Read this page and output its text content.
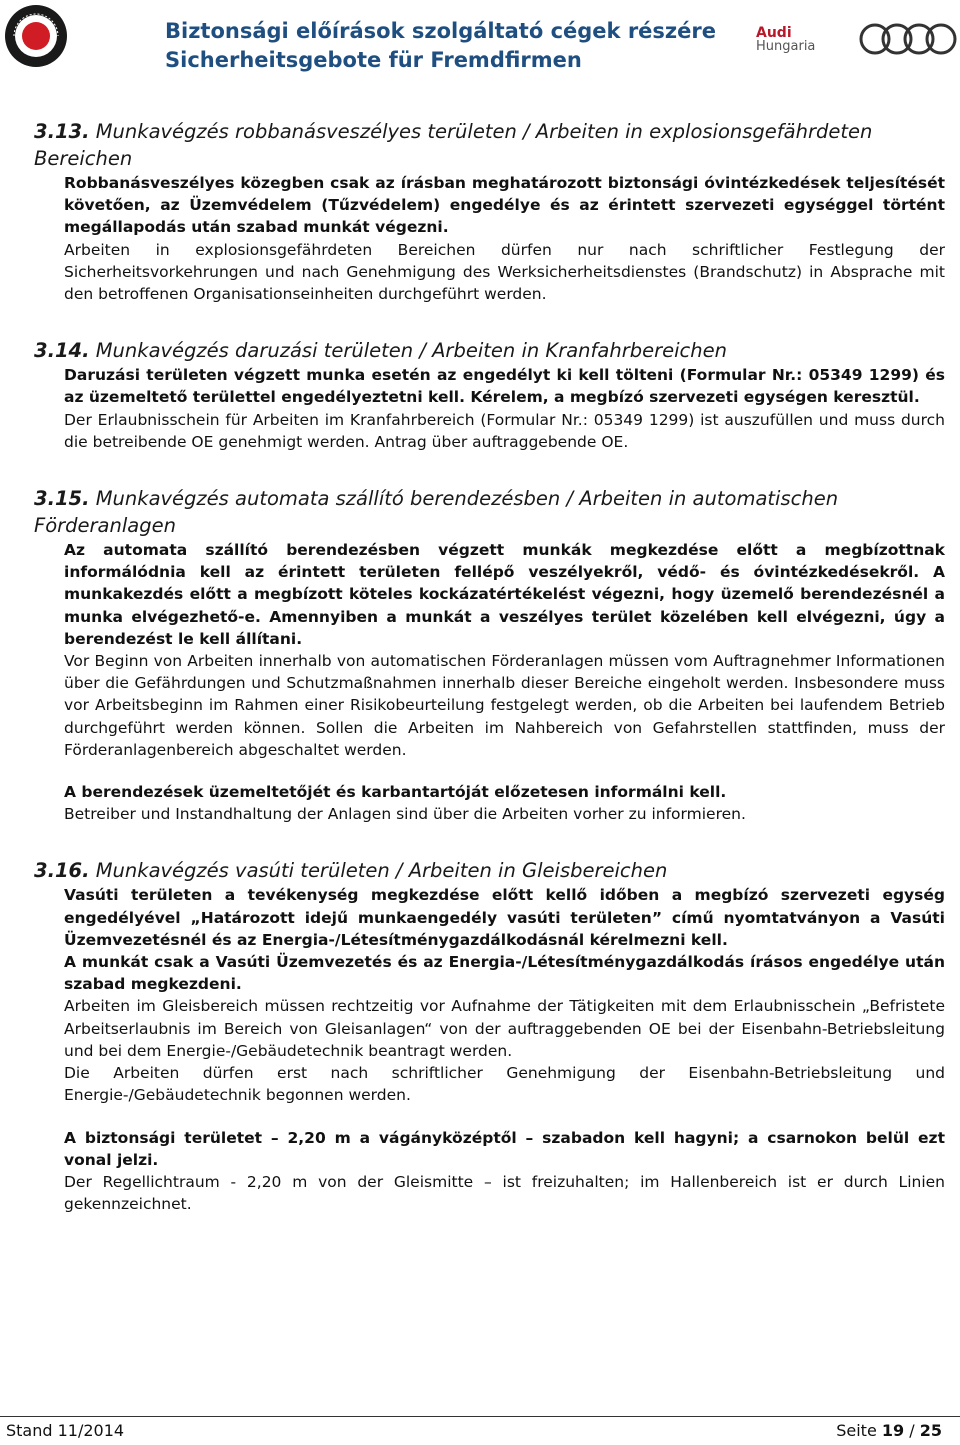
Biztonsági előírások szolgáltató cégek részére
Sicherheitsgebote für Fremdfirmen
Audi
Hungaria
3.13. Munkavégzés robbanásveszélyes területen / Arbeiten in explosionsgefährdeten Bereichen
Robbanásveszélyes közegben csak az írásban meghatározott biztonsági óvintézkedések teljesítését követően, az Üzemvédelem (Tűzvédelem) engedélye és az érintett szervezeti egységgel történt megállapodás után szabad munkát végezni.
Arbeiten in explosionsgefährdeten Bereichen dürfen nur nach schriftlicher Festlegung der Sicherheitsvorkehrungen und nach Genehmigung des Werksicherheitsdienstes (Brandschutz) in Absprache mit den betroffenen Organisationseinheiten durchgeführt werden.
3.14. Munkavégzés daruzási területen / Arbeiten in Kranfahrbereichen
Daruzási területen végzett munka esetén az engedélyt ki kell tölteni (Formular Nr.: 05349 1299) és az üzemeltető területtel engedélyeztetni kell. Kérelem, a megbízó szervezeti egységen keresztül.
Der Erlaubnisschein für Arbeiten im Kranfahrbereich (Formular Nr.: 05349 1299) ist auszufüllen und muss durch die betreibende OE genehmigt werden. Antrag über auftraggebende OE.
3.15. Munkavégzés automata szállító berendezésben / Arbeiten in automatischen Förderanlagen
Az automata szállító berendezésben végzett munkák megkezdése előtt a megbízottnak informálódnia kell az érintett területen fellépő veszélyekről, védő- és óvintézkedésekről. A munkakezdés előtt a megbízott köteles kockázatértékelést végezni, hogy üzemelő berendezésnél a munka elvégezhető-e. Amennyiben a munkát a veszélyes terület közelében kell elvégezni, úgy a berendezést le kell állítani.
Vor Beginn von Arbeiten innerhalb von automatischen Förderanlagen müssen vom Auftragnehmer Informationen über die Gefährdungen und Schutzmaßnahmen innerhalb dieser Bereiche eingeholt werden. Insbesondere muss vor Arbeitsbeginn im Rahmen einer Risikobeurteilung festgelegt werden, ob die Arbeiten bei laufendem Betrieb durchgeführt werden können. Sollen die Arbeiten im Nahbereich von Gefahrstellen stattfinden, muss der Förderanlagenbereich abgeschaltet werden.
A berendezések üzemeltetőjét és karbantartóját előzetesen informálni kell.
Betreiber und Instandhaltung der Anlagen sind über die Arbeiten vorher zu informieren.
3.16. Munkavégzés vasúti területen / Arbeiten in Gleisbereichen
Vasúti területen a tevékenység megkezdése előtt kellő időben a megbízó szervezeti egység engedélyével „Határozott idejű munkaengedély vasúti területen” című nyomtatványon a Vasúti Üzemvezetésnél és az Energia-/Létesítménygazdálkodásnál kérelmezni kell.
A munkát csak a Vasúti Üzemvezetés és az Energia-/Létesítménygazdálkodás írásos engedélye után szabad megkezdeni.
Arbeiten im Gleisbereich müssen rechtzeitig vor Aufnahme der Tätigkeiten mit dem Erlaubnisschein „Befristete Arbeitserlaubnis im Bereich von Gleisanlagen“ von der auftraggebenden OE bei der Eisenbahn-Betriebsleitung und bei dem Energie-/Gebäudetechnik beantragt werden.
Die Arbeiten dürfen erst nach schriftlicher Genehmigung der Eisenbahn-Betriebsleitung und Energie-/Gebäudetechnik begonnen werden.
A biztonsági területet – 2,20 m a vágányközéptől – szabadon kell hagyni; a csarnokon belül ezt vonal jelzi.
Der Regellichtraum - 2,20 m von der Gleismitte – ist freizuhalten; im Hallenbereich ist er durch Linien gekennzeichnet.
Stand 11/2014	Seite 19 / 25
